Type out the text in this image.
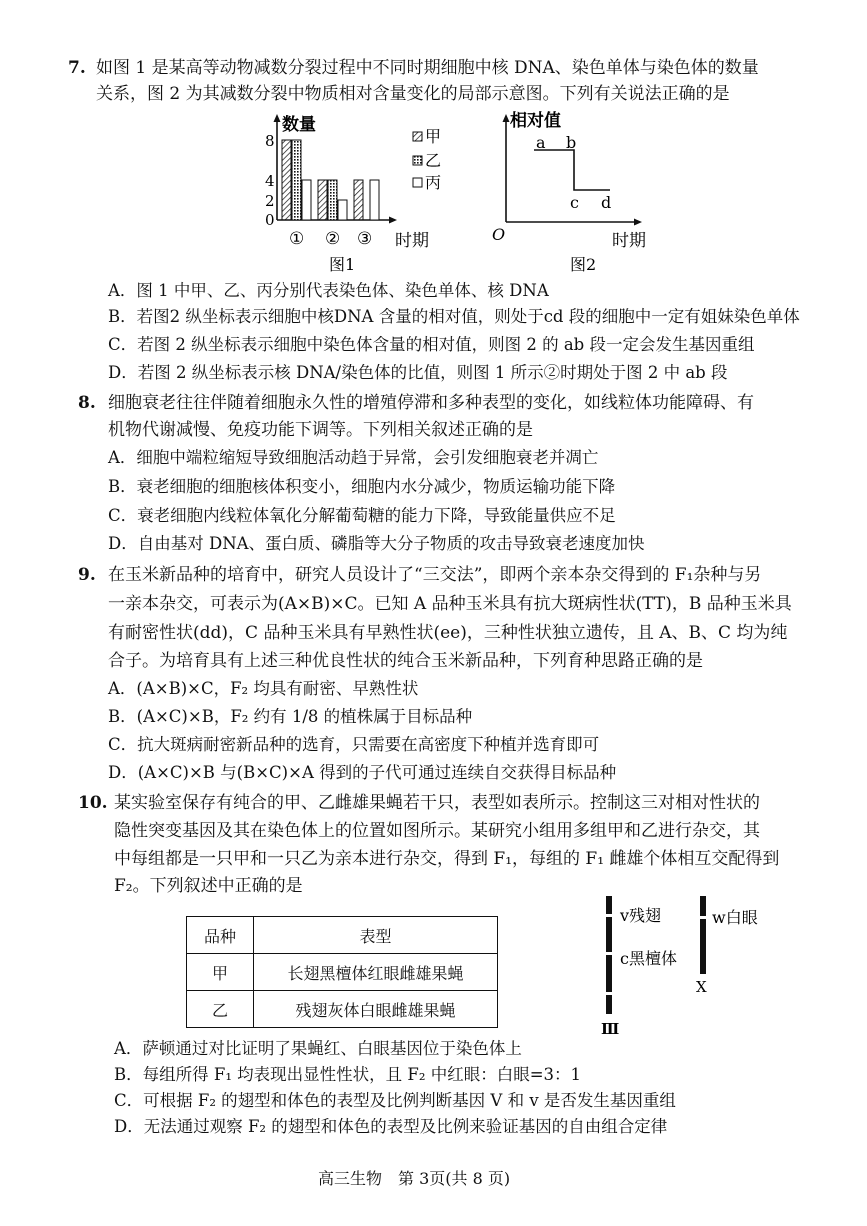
7. 如图 1 是某高等动物减数分裂过程中不同时期细胞中核 DNA、染色单体与染色体的数量
关系，图 2 为其减数分裂中物质相对含量变化的局部示意图。下列有关说法正确的是
8
4
2
0
数量
① ② ③ 时期
甲
乙
丙
图1
a b
c d
相对值
O	时期
图2
A．图 1 中甲、乙、丙分别代表染色体、染色单体、核 DNA
B．若图2 纵坐标表示细胞中核DNA 含量的相对值，则处于cd 段的细胞中一定有姐妹染色单体
C．若图 2 纵坐标表示细胞中染色体含量的相对值，则图 2 的 ab 段一定会发生基因重组
D．若图 2 纵坐标表示核 DNA/染色体的比值，则图 1 所示②时期处于图 2 中 ab 段
8. 细胞衰老往往伴随着细胞永久性的增殖停滞和多种表型的变化，如线粒体功能障碍、有
机物代谢减慢、免疫功能下调等。下列相关叙述正确的是
A．细胞中端粒缩短导致细胞活动趋于异常，会引发细胞衰老并凋亡
B．衰老细胞的细胞核体积变小，细胞内水分减少，物质运输功能下降
C．衰老细胞内线粒体氧化分解葡萄糖的能力下降，导致能量供应不足
D．自由基对 DNA、蛋白质、磷脂等大分子物质的攻击导致衰老速度加快
9. 在玉米新品种的培育中，研究人员设计了“三交法”，即两个亲本杂交得到的 F₁杂种与另
一亲本杂交，可表示为(A×B)×C。已知 A 品种玉米具有抗大斑病性状(TT)，B 品种玉米具
有耐密性状(dd)，C 品种玉米具有早熟性状(ee)，三种性状独立遗传，且 A、B、C 均为纯
合子。为培育具有上述三种优良性状的纯合玉米新品种，下列育种思路正确的是
A．(A×B)×C，F₂ 均具有耐密、早熟性状
B．(A×C)×B，F₂ 约有 1/8 的植株属于目标品种
C．抗大斑病耐密新品种的选育，只需要在高密度下种植并选育即可
D．(A×C)×B 与(B×C)×A 得到的子代可通过连续自交获得目标品种
10. 某实验室保存有纯合的甲、乙雌雄果蝇若干只，表型如表所示。控制这三对相对性状的
隐性突变基因及其在染色体上的位置如图所示。某研究小组用多组甲和乙进行杂交，其
中每组都是一只甲和一只乙为亲本进行杂交，得到 F₁，每组的 F₁ 雌雄个体相互交配得到
F₂。下列叙述中正确的是
品种	表型
甲	长翅黑檀体红眼雌雄果蝇
乙	残翅灰体白眼雌雄果蝇
v残翅
c黑檀体
Ⅲ
w白眼
X
A．萨顿通过对比证明了果蝇红、白眼基因位于染色体上
B．每组所得 F₁ 均表现出显性性状，且 F₂ 中红眼：白眼=3：1
C．可根据 F₂ 的翅型和体色的表型及比例判断基因 V 和 v 是否发生基因重组
D．无法通过观察 F₂ 的翅型和体色的表型及比例来验证基因的自由组合定律
高三生物　第 3页(共 8 页)
